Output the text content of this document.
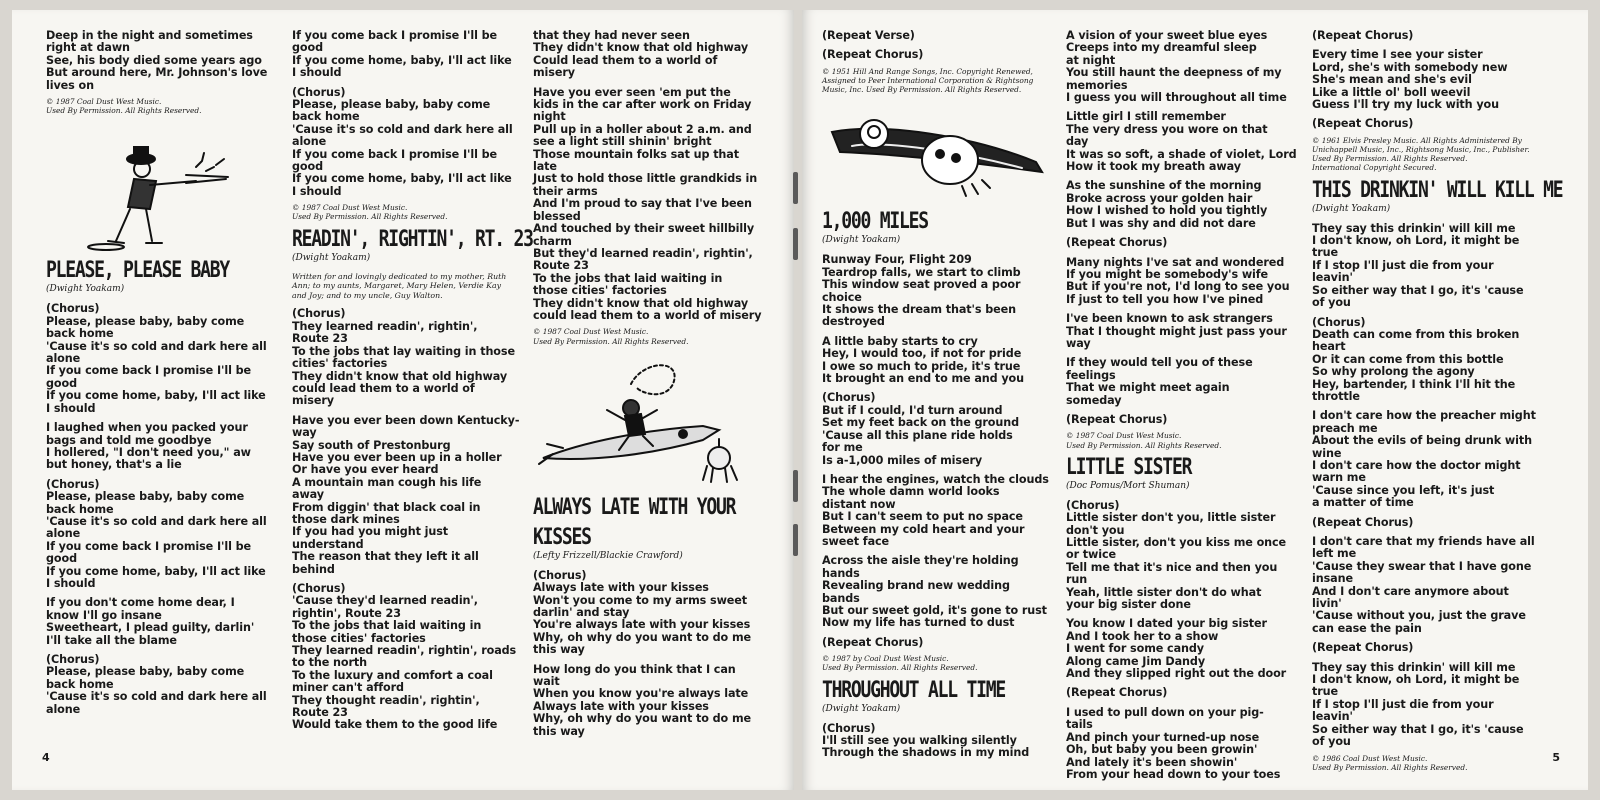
Deep in the night and sometimes
right at dawn
See, his body died some years ago
But around here, Mr. Johnson's love
lives on
© 1987 Coal Dust West Music.
Used By Permission. All Rights Reserved.
PLEASE, PLEASE BABY
(Dwight Yoakam)
(Chorus)
Please, please baby, baby come
back home
'Cause it's so cold and dark here all
alone
If you come back I promise I'll be
good
If you come home, baby, I'll act like
I should
I laughed when you packed your
bags and told me goodbye
I hollered, "I don't need you," aw
but honey, that's a lie
(Chorus)
Please, please baby, baby come
back home
'Cause it's so cold and dark here all
alone
If you come back I promise I'll be
good
If you come home, baby, I'll act like
I should
If you don't come home dear, I
know I'll go insane
Sweetheart, I plead guilty, darlin'
I'll take all the blame
(Chorus)
Please, please baby, baby come
back home
'Cause it's so cold and dark here all
alone
If you come back I promise I'll be
good
If you come home, baby, I'll act like
I should
(Chorus)
Please, please baby, baby come
back home
'Cause it's so cold and dark here all
alone
If you come back I promise I'll be
good
If you come home, baby, I'll act like
I should
© 1987 Coal Dust West Music.
Used By Permission. All Rights Reserved.
READIN', RIGHTIN', RT. 23
(Dwight Yoakam)
Written for and lovingly dedicated to my mother, Ruth
Ann; to my aunts, Margaret, Mary Helen, Verdie Kay
and Joy; and to my uncle, Guy Walton.
(Chorus)
They learned readin', rightin',
Route 23
To the jobs that lay waiting in those
cities' factories
They didn't know that old highway
could lead them to a world of
misery
Have you ever been down Kentucky-
way
Say south of Prestonburg
Have you ever been up in a holler
Or have you ever heard
A mountain man cough his life
away
From diggin' that black coal in
those dark mines
If you had you might just
understand
The reason that they left it all
behind
(Chorus)
'Cause they'd learned readin',
rightin', Route 23
To the jobs that laid waiting in
those cities' factories
They learned readin', rightin', roads
to the north
To the luxury and comfort a coal
miner can't afford
They thought readin', rightin',
Route 23
Would take them to the good life
that they had never seen
They didn't know that old highway
Could lead them to a world of
misery
Have you ever seen 'em put the
kids in the car after work on Friday
night
Pull up in a holler about 2 a.m. and
see a light still shinin' bright
Those mountain folks sat up that
late
Just to hold those little grandkids in
their arms
And I'm proud to say that I've been
blessed
And touched by their sweet hillbilly
charm
But they'd learned readin', rightin',
Route 23
To the jobs that laid waiting in
those cities' factories
They didn't know that old highway
could lead them to a world of misery
© 1987 Coal Dust West Music.
Used By Permission. All Rights Reserved.
ALWAYS LATE WITH YOUR
KISSES
(Lefty Frizzell/Blackie Crawford)
(Chorus)
Always late with your kisses
Won't you come to my arms sweet
darlin' and stay
You're always late with your kisses
Why, oh why do you want to do me
this way
How long do you think that I can
wait
When you know you're always late
Always late with your kisses
Why, oh why do you want to do me
this way
4
(Repeat Verse)
(Repeat Chorus)
© 1951 Hill And Range Songs, Inc. Copyright Renewed,
Assigned to Peer International Corporation & Rightsong
Music, Inc. Used By Permission. All Rights Reserved.
1,000 MILES
(Dwight Yoakam)
Runway Four, Flight 209
Teardrop falls, we start to climb
This window seat proved a poor
choice
It shows the dream that's been
destroyed
A little baby starts to cry
Hey, I would too, if not for pride
I owe so much to pride, it's true
It brought an end to me and you
(Chorus)
But if I could, I'd turn around
Set my feet back on the ground
'Cause all this plane ride holds
for me
Is a-1,000 miles of misery
I hear the engines, watch the clouds
The whole damn world looks
distant now
But I can't seem to put no space
Between my cold heart and your
sweet face
Across the aisle they're holding
hands
Revealing brand new wedding
bands
But our sweet gold, it's gone to rust
Now my life has turned to dust
(Repeat Chorus)
© 1987 by Coal Dust West Music.
Used By Permission. All Rights Reserved.
THROUGHOUT ALL TIME
(Dwight Yoakam)
(Chorus)
I'll still see you walking silently
Through the shadows in my mind
A vision of your sweet blue eyes
Creeps into my dreamful sleep
at night
You still haunt the deepness of my
memories
I guess you will throughout all time
Little girl I still remember
The very dress you wore on that
day
It was so soft, a shade of violet, Lord
How it took my breath away
As the sunshine of the morning
Broke across your golden hair
How I wished to hold you tightly
But I was shy and did not dare
(Repeat Chorus)
Many nights I've sat and wondered
If you might be somebody's wife
But if you're not, I'd long to see you
If just to tell you how I've pined
I've been known to ask strangers
That I thought might just pass your
way
If they would tell you of these
feelings
That we might meet again
someday
(Repeat Chorus)
© 1987 Coal Dust West Music.
Used By Permission. All Rights Reserved.
LITTLE SISTER
(Doc Pomus/Mort Shuman)
(Chorus)
Little sister don't you, little sister
don't you
Little sister, don't you kiss me once
or twice
Tell me that it's nice and then you
run
Yeah, little sister don't do what
your big sister done
You know I dated your big sister
And I took her to a show
I went for some candy
Along came Jim Dandy
And they slipped right out the door
(Repeat Chorus)
I used to pull down on your pig-
tails
And pinch your turned-up nose
Oh, but baby you been growin'
And lately it's been showin'
From your head down to your toes
(Repeat Chorus)
Every time I see your sister
Lord, she's with somebody new
She's mean and she's evil
Like a little ol' boll weevil
Guess I'll try my luck with you
(Repeat Chorus)
© 1961 Elvis Presley Music. All Rights Administered By
Unichappell Music, Inc., Rightsong Music, Inc., Publisher.
Used By Permission. All Rights Reserved.
International Copyright Secured.
THIS DRINKIN' WILL KILL ME
(Dwight Yoakam)
They say this drinkin' will kill me
I don't know, oh Lord, it might be
true
If I stop I'll just die from your
leavin'
So either way that I go, it's 'cause
of you
(Chorus)
Death can come from this broken
heart
Or it can come from this bottle
So why prolong the agony
Hey, bartender, I think I'll hit the
throttle
I don't care how the preacher might
preach me
About the evils of being drunk with
wine
I don't care how the doctor might
warn me
'Cause since you left, it's just
a matter of time
(Repeat Chorus)
I don't care that my friends have all
left me
'Cause they swear that I have gone
insane
And I don't care anymore about
livin'
'Cause without you, just the grave
can ease the pain
(Repeat Chorus)
They say this drinkin' will kill me
I don't know, oh Lord, it might be
true
If I stop I'll just die from your
leavin'
So either way that I go, it's 'cause
of you
© 1986 Coal Dust West Music.
Used By Permission. All Rights Reserved.
5
